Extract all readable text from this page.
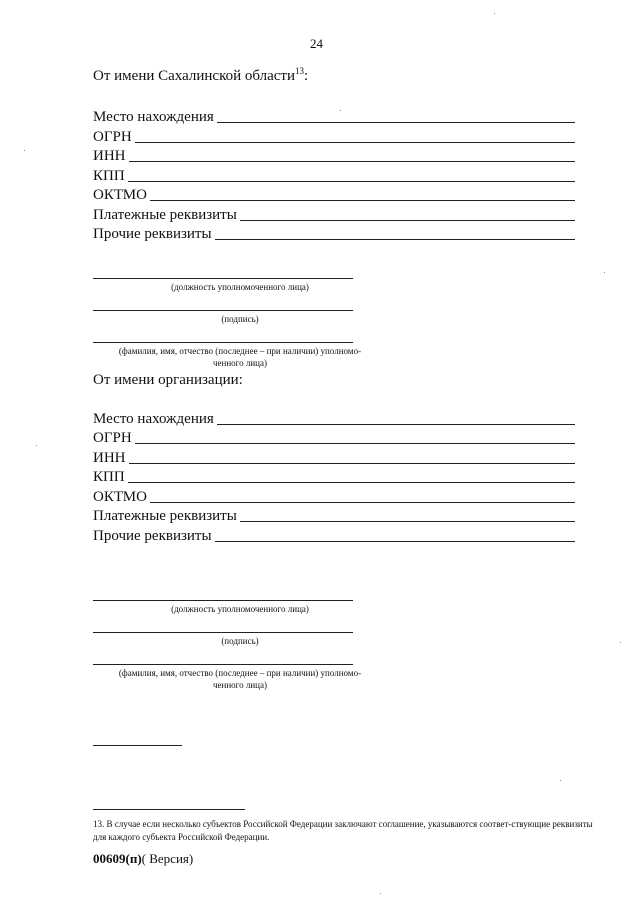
24
От имени Сахалинской области$^{13}$:
Место нахождения
ОГРН
ИНН
КПП
ОКТМО
Платежные реквизиты
Прочие реквизиты
(должность уполномоченного лица)
(подпись)
(фамилия, имя, отчество (последнее – при наличии) уполномо-
ченного лица)
От имени организации:
Место нахождения
ОГРН
ИНН
КПП
ОКТМО
Платежные реквизиты
Прочие реквизиты
(должность уполномоченного лица)
(подпись)
(фамилия, имя, отчество (последнее – при наличии) уполномо-
ченного лица)
13. В случае если несколько субъектов Российской Федерации заключают соглашение, указываются соответ-ствующие реквизиты для каждого субъекта Российской Федерации.
00609(п)( Версия)
